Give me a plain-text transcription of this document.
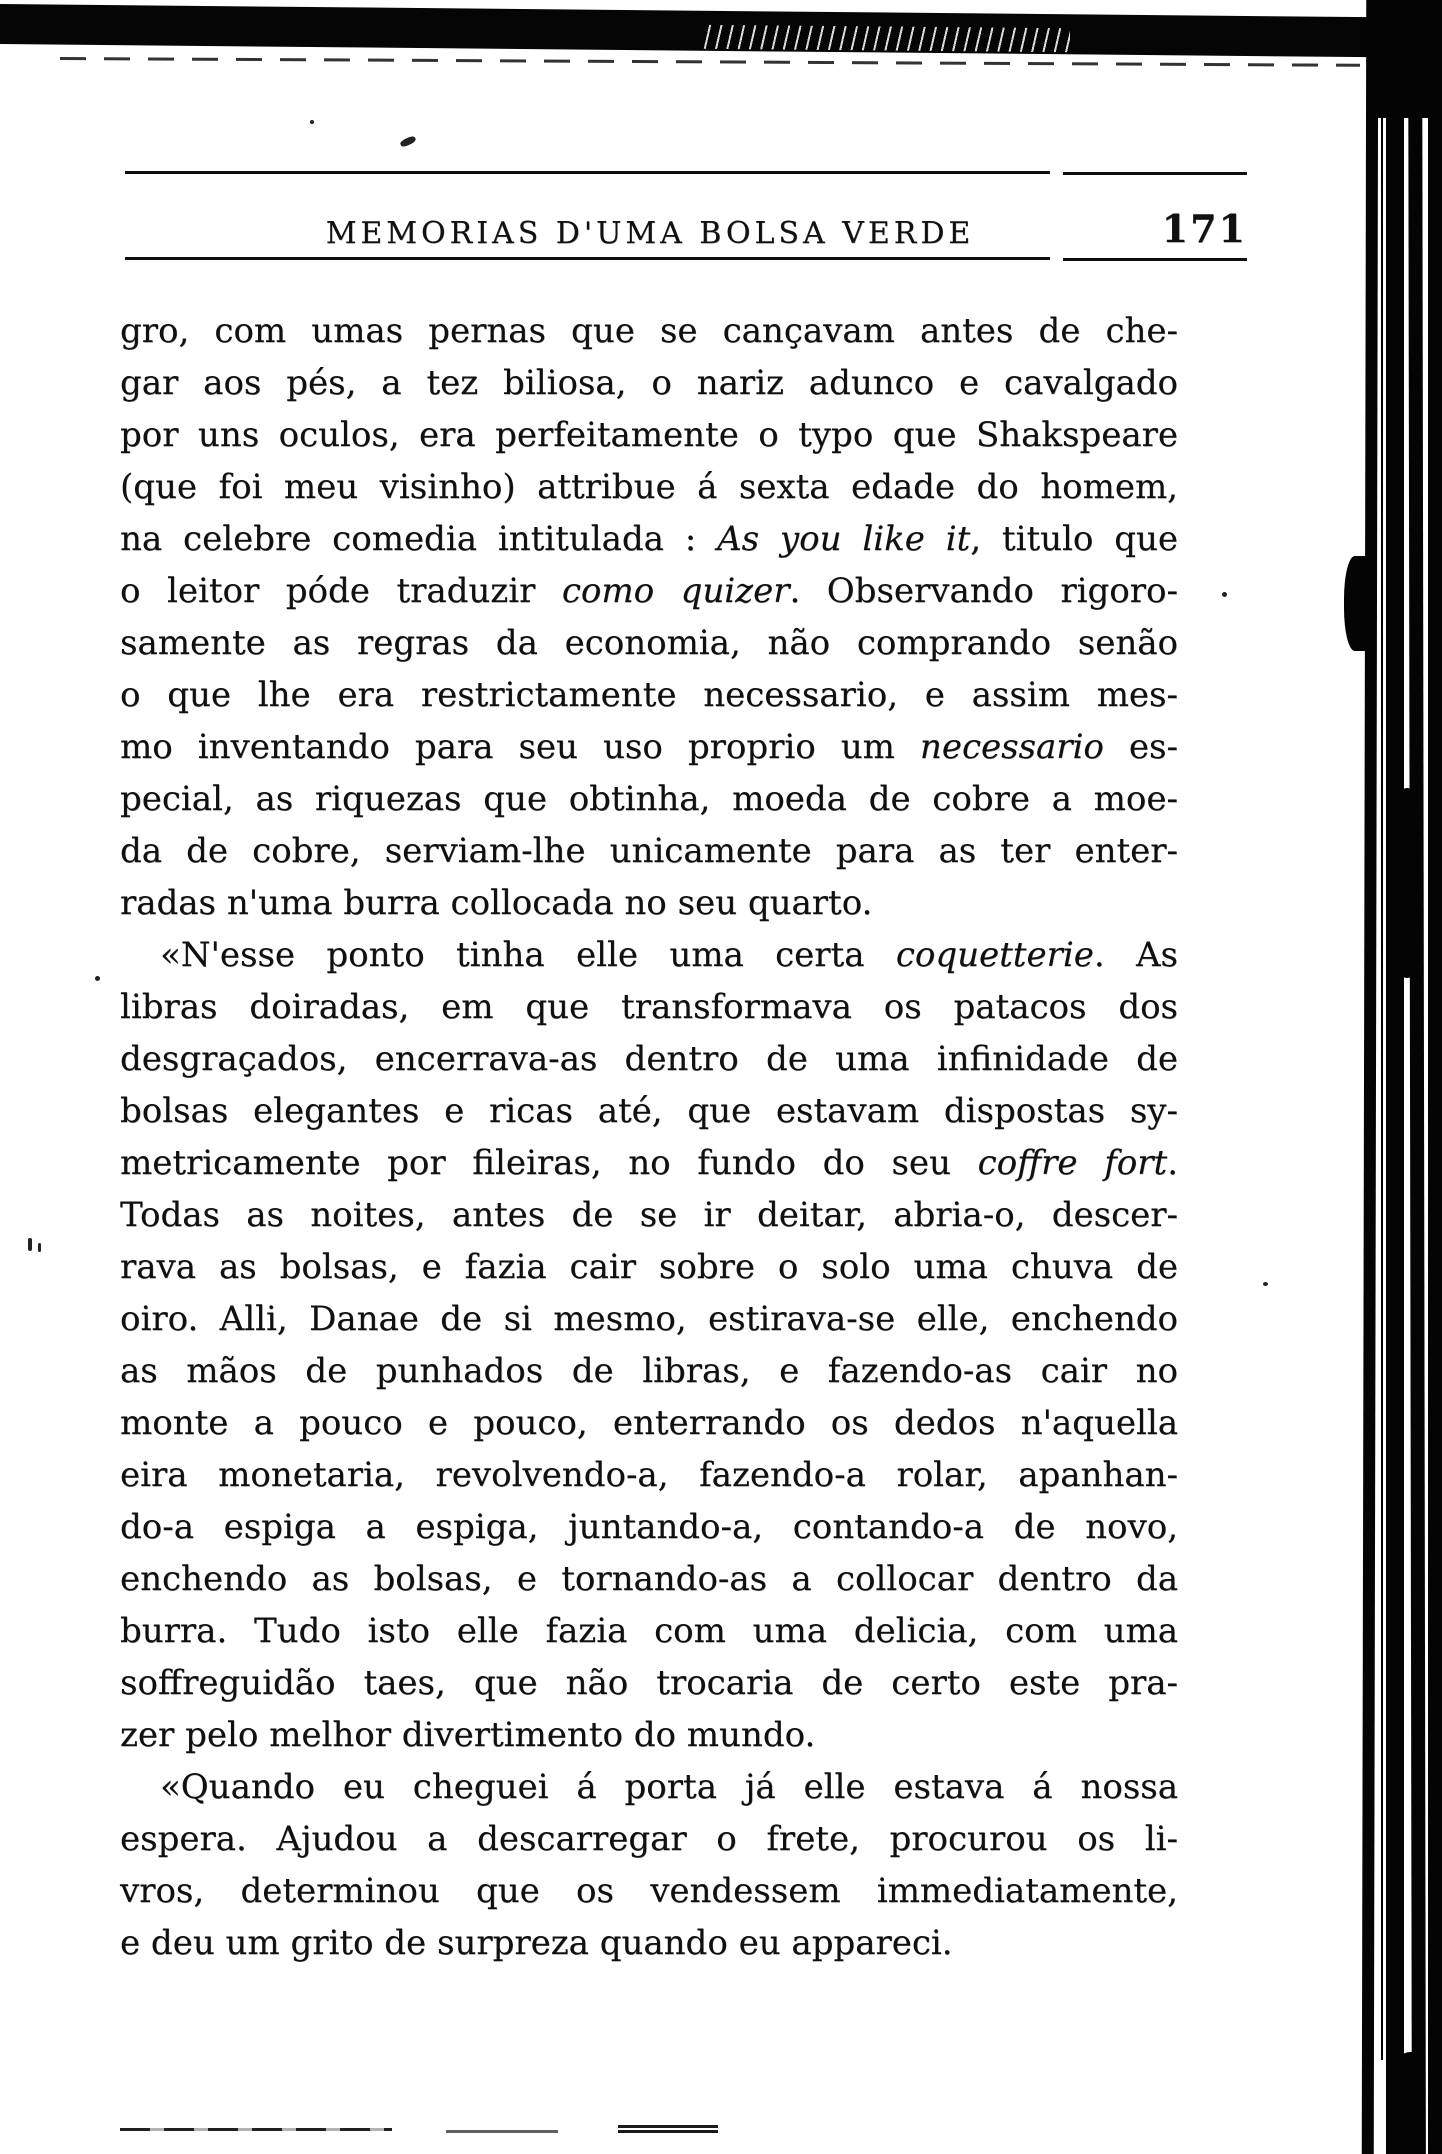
MEMORIAS D'UMA BOLSA VERDE	171
gro, com umas pernas que se cançavam antes de che-
gar aos pés, a tez biliosa, o nariz adunco e cavalgado
por uns oculos, era perfeitamente o typo que Shakspeare
(que foi meu visinho) attribue á sexta edade do homem,
na celebre comedia intitulada : As you like it, titulo que
o leitor póde traduzir como quizer. Observando rigoro-
samente as regras da economia, não comprando senão
o que lhe era restrictamente necessario, e assim mes-
mo inventando para seu uso proprio um necessario es-
pecial, as riquezas que obtinha, moeda de cobre a moe-
da de cobre, serviam-lhe unicamente para as ter enter-
radas n'uma burra collocada no seu quarto.
«N'esse ponto tinha elle uma certa coquetterie. As
libras doiradas, em que transformava os patacos dos
desgraçados, encerrava-as dentro de uma infinidade de
bolsas elegantes e ricas até, que estavam dispostas sy-
metricamente por fileiras, no fundo do seu coffre fort.
Todas as noites, antes de se ir deitar, abria-o, descer-
rava as bolsas, e fazia cair sobre o solo uma chuva de
oiro. Alli, Danae de si mesmo, estirava-se elle, enchendo
as mãos de punhados de libras, e fazendo-as cair no
monte a pouco e pouco, enterrando os dedos n'aquella
eira monetaria, revolvendo-a, fazendo-a rolar, apanhan-
do-a espiga a espiga, juntando-a, contando-a de novo,
enchendo as bolsas, e tornando-as a collocar dentro da
burra. Tudo isto elle fazia com uma delicia, com uma
soffreguidão taes, que não trocaria de certo este pra-
zer pelo melhor divertimento do mundo.
«Quando eu cheguei á porta já elle estava á nossa
espera. Ajudou a descarregar o frete, procurou os li-
vros, determinou que os vendessem immediatamente,
e deu um grito de surpreza quando eu appareci.
